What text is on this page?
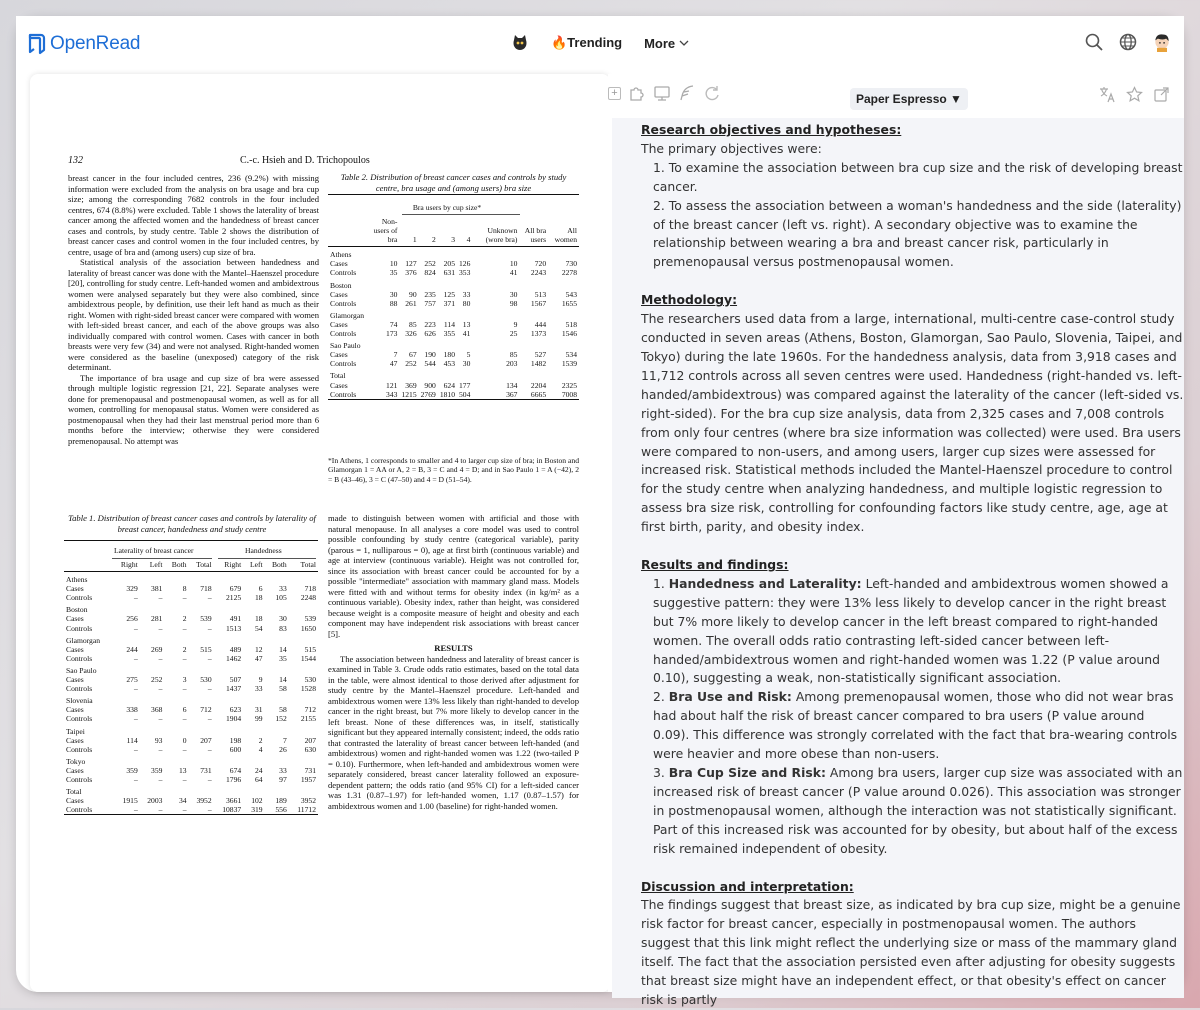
OpenRead	🔥Trending More
132	C.-c. Hsieh and D. Trichopoulos

breast cancer in the four included centres, 236 (9.2%) with missing information were excluded from the analysis on bra usage and bra cup size; among the corresponding 7682 controls in the four included centres, 674 (8.8%) were excluded. Table 1 shows the laterality of breast cancer among the affected women and the handedness of breast cancer cases and controls, by study centre. Table 2 shows the distribution of breast cancer cases and control women in the four included centres, by centre, usage of bra and (among users) cup size of bra.

Statistical analysis of the association between handedness and laterality of breast cancer was done with the Mantel–Haenszel procedure [20], controlling for study centre. Left-handed women and ambidextrous women were analysed separately but they were also combined, since ambidextrous people, by definition, use their left hand as much as their right. Women with right-sided breast cancer were compared with women with left-sided breast cancer, and each of the above groups was also individually compared with control women. Cases with cancer in both breasts were very few (34) and were not analysed. Right-handed women were considered as the baseline (unexposed) category of the risk determinant.

The importance of bra usage and cup size of bra were assessed through multiple logistic regression [21, 22]. Separate analyses were done for premenopausal and postmenopausal women, as well as for all women, controlling for menopausal status. Women were considered as postmenopausal when they had their last menstrual period more than 6 months before the interview; otherwise they were considered premenopausal. No attempt was

Table 2. Distribution of breast cancer cases and controls by study centre, bra usage and (among users) bra size
Bra users by cup size*
	Non-users of bra	1	2	3	4	Unknown (wore bra)	All bra users	All women
Athens								
Cases	10	127	252	205	126	10	720	730
Controls	35	376	824	631	353	41	2243	2278
Boston								
Cases	30	90	235	125	33	30	513	543
Controls	88	261	757	371	80	98	1567	1655
Glamorgan								
Cases	74	85	223	114	13	9	444	518
Controls	173	326	626	355	41	25	1373	1546
Sao Paulo								
Cases	7	67	190	180	5	85	527	534
Controls	47	252	544	453	30	203	1482	1539
Total								
Cases	121	369	900	624	177	134	2204	2325
Controls	343	1215	2769	1810	504	367	6665	7008
*In Athens, 1 corresponds to smaller and 4 to larger cup size of bra; in Boston and Glamorgan 1 = AA or A, 2 = B, 3 = C and 4 = D; and in Sao Paulo 1 = A (−42), 2 = B (43–46), 3 = C (47–50) and 4 = D (51–54).
Table 1. Distribution of breast cancer cases and controls by laterality of breast cancer, handedness and study centre
Laterality of breast cancer	Handedness
	Right	Left	Both	Total	Right	Left	Both	Total
Athens								
Cases	329	381	8	718	679	6	33	718
Controls	–	–	–	–	2125	18	105	2248
Boston								
Cases	256	281	2	539	491	18	30	539
Controls	–	–	–	–	1513	54	83	1650
Glamorgan								
Cases	244	269	2	515	489	12	14	515
Controls	–	–	–	–	1462	47	35	1544
Sao Paulo								
Cases	275	252	3	530	507	9	14	530
Controls	–	–	–	–	1437	33	58	1528
Slovenia								
Cases	338	368	6	712	623	31	58	712
Controls	–	–	–	–	1904	99	152	2155
Taipei								
Cases	114	93	0	207	198	2	7	207
Controls	–	–	–	–	600	4	26	630
Tokyo								
Cases	359	359	13	731	674	24	33	731
Controls	–	–	–	–	1796	64	97	1957
Total								
Cases	1915	2003	34	3952	3661	102	189	3952
Controls	–	–	–	–	10837	319	556	11712

made to distinguish between women with artificial and those with natural menopause. In all analyses a core model was used to control possible confounding by study centre (categorical variable), parity (parous = 1, nulliparous = 0), age at first birth (continuous variable) and age at interview (continuous variable). Height was not controlled for, since its association with breast cancer could be accounted for by a possible "intermediate" association with mammary gland mass. Models were fitted with and without terms for obesity index (in kg/m² as a continuous variable). Obesity index, rather than height, was considered because weight is a composite measure of height and obesity and each component may have independent risk associations with breast cancer [5].

RESULTS

The association between handedness and laterality of breast cancer is examined in Table 3. Crude odds ratio estimates, based on the total data in the table, were almost identical to those derived after adjustment for study centre by the Mantel–Haenszel procedure. Left-handed and ambidextrous women were 13% less likely than right-handed to develop cancer in the right breast, but 7% more likely to develop cancer in the left breast. None of these differences was, in itself, statistically significant but they appeared internally consistent; indeed, the odds ratio that contrasted the laterality of breast cancer between left-handed (and ambidextrous) women and right-handed women was 1.22 (two-tailed P = 0.10). Furthermore, when left-handed and ambidextrous women were separately considered, breast cancer laterality followed an exposure-dependent pattern; the odds ratio (and 95% CI) for a left-sided cancer was 1.31 (0.87–1.97) for left-handed women, 1.17 (0.87–1.57) for ambidextrous women and 1.00 (baseline) for right-handed women.

+	Paper Espresso ▼
Research objectives and hypotheses:

The primary objectives were:

1. To examine the association between bra cup size and the risk of developing breast cancer.
2. To assess the association between a woman's handedness and the side (laterality) of the breast cancer (left vs. right). A secondary objective was to examine the relationship between wearing a bra and breast cancer risk, particularly in premenopausal versus postmenopausal women.
Methodology:

The researchers used data from a large, international, multi-centre case-control study conducted in seven areas (Athens, Boston, Glamorgan, Sao Paulo, Slovenia, Taipei, and Tokyo) during the late 1960s. For the handedness analysis, data from 3,918 cases and 11,712 controls across all seven centres were used. Handedness (right-handed vs. left-handed/ambidextrous) was compared against the laterality of the cancer (left-sided vs. right-sided). For the bra cup size analysis, data from 2,325 cases and 7,008 controls from only four centres (where bra size information was collected) were used. Bra users were compared to non-users, and among users, larger cup sizes were assessed for increased risk. Statistical methods included the Mantel-Haenszel procedure to control for the study centre when analyzing handedness, and multiple logistic regression to assess bra size risk, controlling for confounding factors like study centre, age, age at first birth, parity, and obesity index.

Results and findings:
1. Handedness and Laterality: Left-handed and ambidextrous women showed a suggestive pattern: they were 13% less likely to develop cancer in the right breast but 7% more likely to develop cancer in the left breast compared to right-handed women. The overall odds ratio contrasting left-sided cancer between left-handed/ambidextrous women and right-handed women was 1.22 (P value around 0.10), suggesting a weak, non-statistically significant association.
2. Bra Use and Risk: Among premenopausal women, those who did not wear bras had about half the risk of breast cancer compared to bra users (P value around 0.09). This difference was strongly correlated with the fact that bra-wearing controls were heavier and more obese than non-users.
3. Bra Cup Size and Risk: Among bra users, larger cup size was associated with an increased risk of breast cancer (P value around 0.026). This association was stronger in postmenopausal women, although the interaction was not statistically significant. Part of this increased risk was accounted for by obesity, but about half of the excess risk remained independent of obesity.
Discussion and interpretation:

The findings suggest that breast size, as indicated by bra cup size, might be a genuine risk factor for breast cancer, especially in postmenopausal women. The authors suggest that this link might reflect the underlying size or mass of the mammary gland itself. The fact that the association persisted even after adjusting for obesity suggests that breast size might have an independent effect, or that obesity's effect on cancer risk is partly
